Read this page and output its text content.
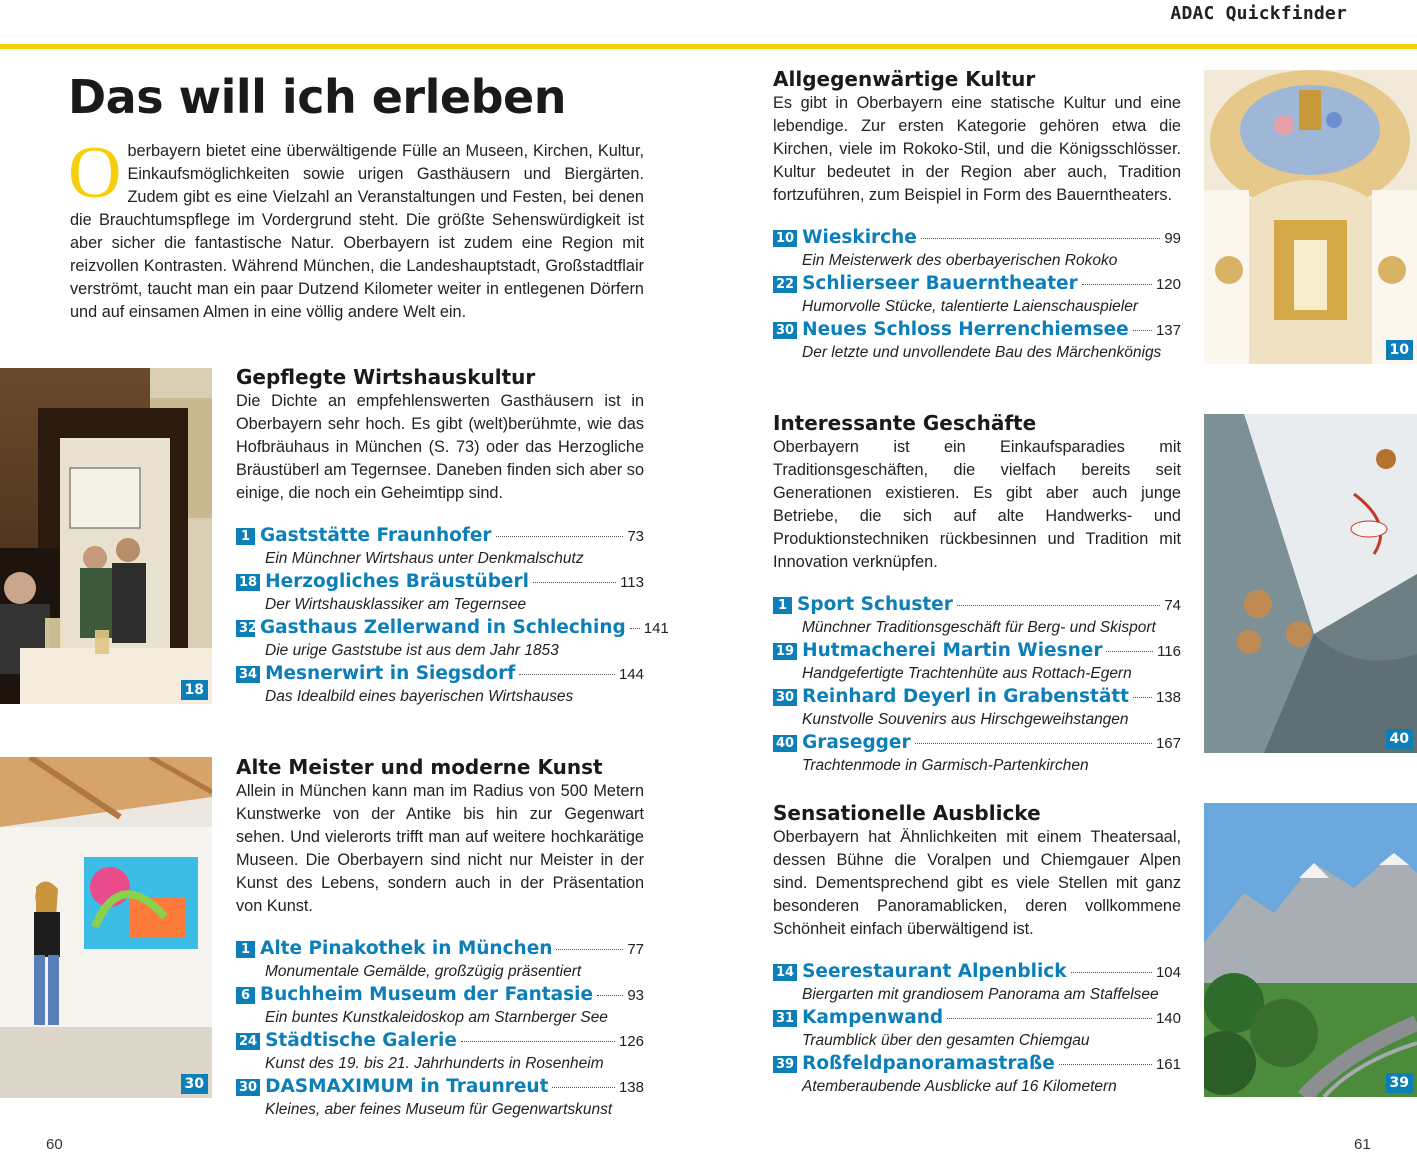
ADAC Quickfinder
Das will ich erleben
Oberbayern bietet eine überwältigende Fülle an Museen, Kirchen, Kultur, Einkaufsmöglichkeiten sowie urigen Gasthäusern und Biergärten. Zudem gibt es eine Vielzahl an Veranstaltungen und Festen, bei denen die Brauchtumspflege im Vordergrund steht. Die größte Sehenswürdigkeit ist aber sicher die fantastische Natur. Oberbayern ist zudem eine Region mit reizvollen Kontrasten. Während München, die Landeshauptstadt, Großstadtflair verströmt, taucht man ein paar Dutzend Kilometer weiter in entlegenen Dörfern und auf einsamen Almen in eine völlig andere Welt ein.
18
30
10
40
39
Gepflegte Wirtshauskultur

Die Dichte an empfehlenswerten Gasthäusern ist in Oberbayern sehr hoch. Es gibt (welt)berühmte, wie das Hofbräuhaus in München (S. 73) oder das Herzogliche Bräustüberl am Tegernsee. Daneben finden sich aber so einige, die noch ein Geheimtipp sind.

1 Gaststätte Fraunhofer	73
Ein Münchner Wirtshaus unter Denkmalschutz
18 Herzogliches Bräustüberl	113
Der Wirtshausklassiker am Tegernsee
32 Gasthaus Zellerwand in Schleching 141
Die urige Gaststube ist aus dem Jahr 1853
34 Mesnerwirt in Siegsdorf	144
Das Idealbild eines bayerischen Wirtshauses
Alte Meister und moderne Kunst

Allein in München kann man im Radius von 500 Metern Kunstwerke von der Antike bis hin zur Gegenwart sehen. Und vielerorts trifft man auf weitere hochkarätige Museen. Die Oberbayern sind nicht nur Meister in der Kunst des Lebens, sondern auch in der Präsentation von Kunst.

1 Alte Pinakothek in München	77
Monumentale Gemälde, großzügig präsentiert
6 Buchheim Museum der Fantasie 93
Ein buntes Kunstkaleidoskop am Starnberger See
24 Städtische Galerie	126
Kunst des 19. bis 21. Jahrhunderts in Rosenheim
30 DASMAXIMUM in Traunreut	138
Kleines, aber feines Museum für Gegenwartskunst
Allgegenwärtige Kultur

Es gibt in Oberbayern eine statische Kultur und eine lebendige. Zur ersten Kategorie gehören etwa die Kirchen, viele im Rokoko-Stil, und die Königsschlösser. Kultur bedeutet in der Region aber auch, Tradition fortzuführen, zum Beispiel in Form des Bauerntheaters.

10 Wieskirche	99
Ein Meisterwerk des oberbayerischen Rokoko
22 Schlierseer Bauerntheater	120
Humorvolle Stücke, talentierte Laienschauspieler
30 Neues Schloss Herrenchiemsee 137
Der letzte und unvollendete Bau des Märchenkönigs
Interessante Geschäfte

Oberbayern ist ein Einkaufsparadies mit Traditionsgeschäften, die vielfach bereits seit Generationen existieren. Es gibt aber auch junge Betriebe, die sich auf alte Handwerks- und Produktionstechniken rückbesinnen und Tradition mit Innovation verknüpfen.

1 Sport Schuster	74
Münchner Traditionsgeschäft für Berg- und Skisport
19 Hutmacherei Martin Wiesner	116
Handgefertigte Trachtenhüte aus Rottach-Egern
30 Reinhard Deyerl in Grabenstätt 138
Kunstvolle Souvenirs aus Hirschgeweihstangen
40 Grasegger	167
Trachtenmode in Garmisch-Partenkirchen
Sensationelle Ausblicke

Oberbayern hat Ähnlichkeiten mit einem Theatersaal, dessen Bühne die Voralpen und Chiemgauer Alpen sind. Dementsprechend gibt es viele Stellen mit ganz besonderen Panoramablicken, deren vollkommene Schönheit einfach überwältigend ist.

14 Seerestaurant Alpenblick	104
Biergarten mit grandiosem Panorama am Staffelsee
31 Kampenwand	140
Traumblick über den gesamten Chiemgau
39 Roßfeldpanoramastraße	161
Atemberaubende Ausblicke auf 16 Kilometern
60	61
